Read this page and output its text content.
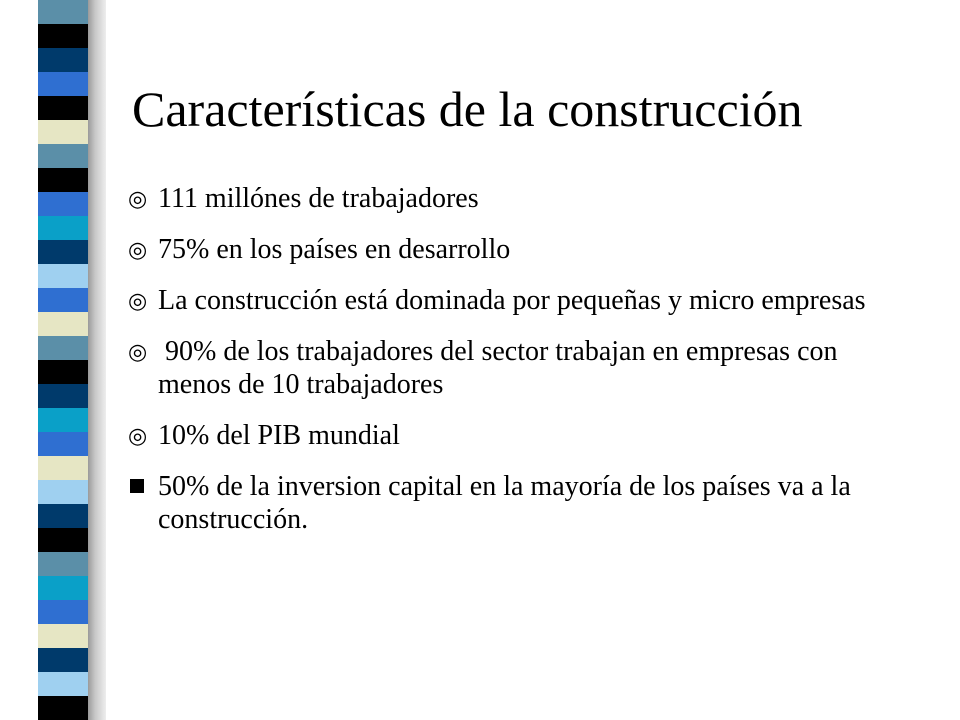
Características de la construcción
◎ 111 millónes de trabajadores
◎ 75% en los países en desarrollo
◎ La construcción está dominada por pequeñas y micro empresas
◎ 90% de los trabajadores del sector trabajan en empresas con menos de 10 trabajadores
◎ 10% del PIB mundial
50% de la inversion capital en la mayoría de los países va a la construcción.
